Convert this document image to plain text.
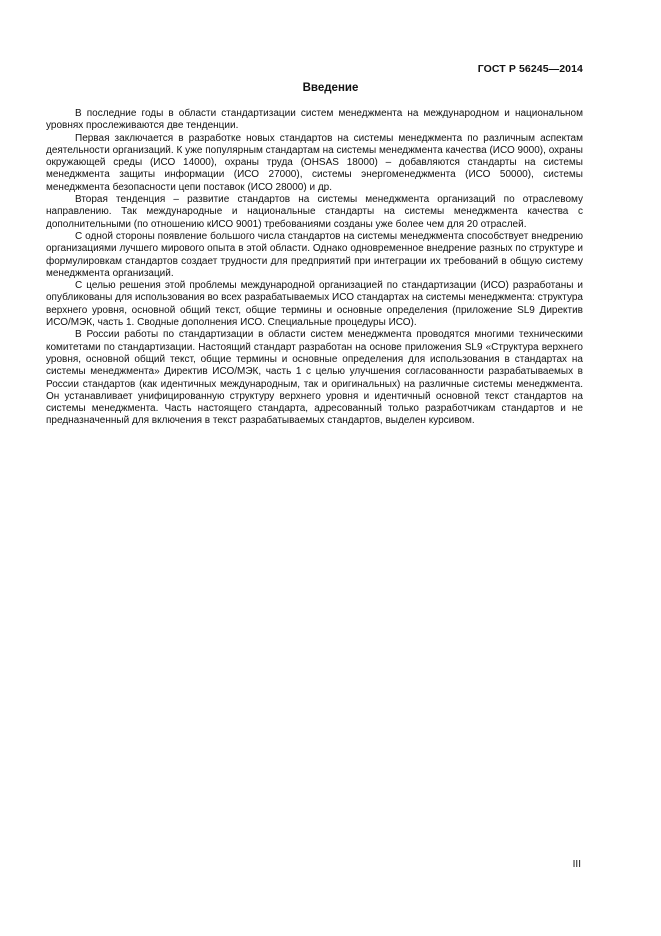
ГОСТ Р 56245—2014
Введение

В последние годы в области стандартизации систем менеджмента на международном и национальном уровнях прослеживаются две тенденции.

Первая заключается в разработке новых стандартов на системы менеджмента по различным аспектам деятельности организаций. К уже популярным стандартам на системы менеджмента качества (ИСО 9000), охраны окружающей среды (ИСО 14000), охраны труда (OHSAS 18000) – добавляются стандарты на системы менеджмента защиты информации (ИСО 27000), системы энергоменеджмента (ИСО 50000), системы менеджмента безопасности цепи поставок (ИСО 28000) и др.

Вторая тенденция – развитие стандартов на системы менеджмента организаций по отраслевому направлению. Так международные и национальные стандарты на системы менеджмента качества с дополнительными (по отношению кИСО 9001) требованиями созданы уже более чем для 20 отраслей.

С одной стороны появление большого числа стандартов на системы менеджмента способствует внедрению организациями лучшего мирового опыта в этой области. Однако одновременное внедрение разных по структуре и формулировкам стандартов создает трудности для предприятий при интеграции их требований в общую систему менеджмента организаций.

С целью решения этой проблемы международной организацией по стандартизации (ИСО) разработаны и опубликованы для использования во всех разрабатываемых ИСО стандартах на системы менеджмента: структура верхнего уровня, основной общий текст, общие термины и основные определения (приложение SL9 Директив ИСО/МЭК, часть 1. Сводные дополнения ИСО. Специальные процедуры ИСО).

В России работы по стандартизации в области систем менеджмента проводятся многими техническими комитетами по стандартизации. Настоящий стандарт разработан на основе приложения SL9 «Структура верхнего уровня, основной общий текст, общие термины и основные определения для использования в стандартах на системы менеджмента» Директив ИСО/МЭК, часть 1 с целью улучшения согласованности разрабатываемых в России стандартов (как идентичных международным, так и оригинальных) на различные системы менеджмента. Он устанавливает унифицированную структуру верхнего уровня и идентичный основной текст стандартов на системы менеджмента. Часть настоящего стандарта, адресованный только разработчикам стандартов и не предназначенный для включения в текст разрабатываемых стандартов, выделен курсивом.

III
